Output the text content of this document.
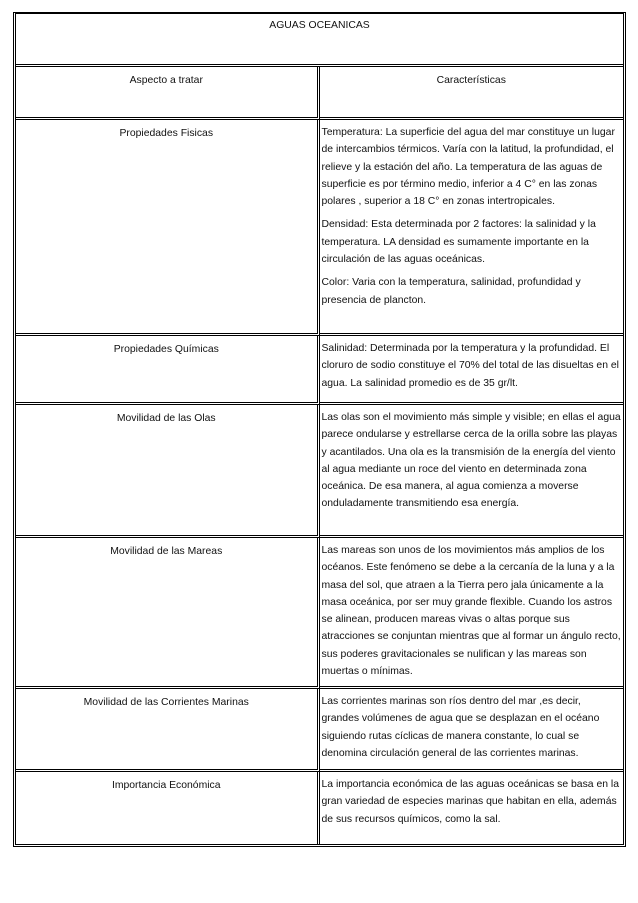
AGUAS OCEANICAS	
Aspecto a tratar	Características
Propiedades Fisicas	Temperatura: La superficie del agua del mar constituye un lugar de intercambios térmicos. Varía con la latitud, la profundidad, el relieve y la estación del año. La temperatura de las aguas de superficie es por término medio, inferior a 4 C° en las zonas polares , superior a 18 C° en zonas intertropicales.

Densidad: Esta determinada por 2 factores: la salinidad y la temperatura. LA densidad es sumamente importante en la circulación de las aguas oceánicas.

Color: Varia con la temperatura, salinidad, profundidad y presencia de plancton.

Propiedades Químicas	Salinidad: Determinada por la temperatura y la profundidad. El cloruro de sodio constituye el 70% del total de las disueltas en el agua. La salinidad promedio es de 35 gr/lt.

Movilidad de las Olas	Las olas son el movimiento más simple y visible; en ellas el agua parece ondularse y estrellarse cerca de la orilla sobre las playas y acantilados. Una ola es la transmisión de la energía del viento al agua mediante un roce del viento en determinada zona oceánica. De esa manera, al agua comienza a moverse onduladamente transmitiendo esa energía.

Movilidad de las Mareas	Las mareas son unos de los movimientos más amplios de los océanos. Este fenómeno se debe a la cercanía de la luna y a la masa del sol, que atraen a la Tierra pero jala únicamente a la masa oceánica, por ser muy grande flexible. Cuando los astros se alinean, producen mareas vivas o altas porque sus atracciones se conjuntan mientras que al formar un ángulo recto, sus poderes gravitacionales se nulifican y las mareas son muertas o mínimas.

Movilidad de las Corrientes Marinas	Las corrientes marinas son ríos dentro del mar ,es decir, grandes volúmenes de agua que se desplazan en el océano siguiendo rutas cíclicas de manera constante, lo cual se denomina circulación general de las corrientes marinas.

Importancia Económica	La importancia económica de las aguas oceánicas se basa en la gran variedad de especies marinas que habitan en ella, además de sus recursos químicos, como la sal.
